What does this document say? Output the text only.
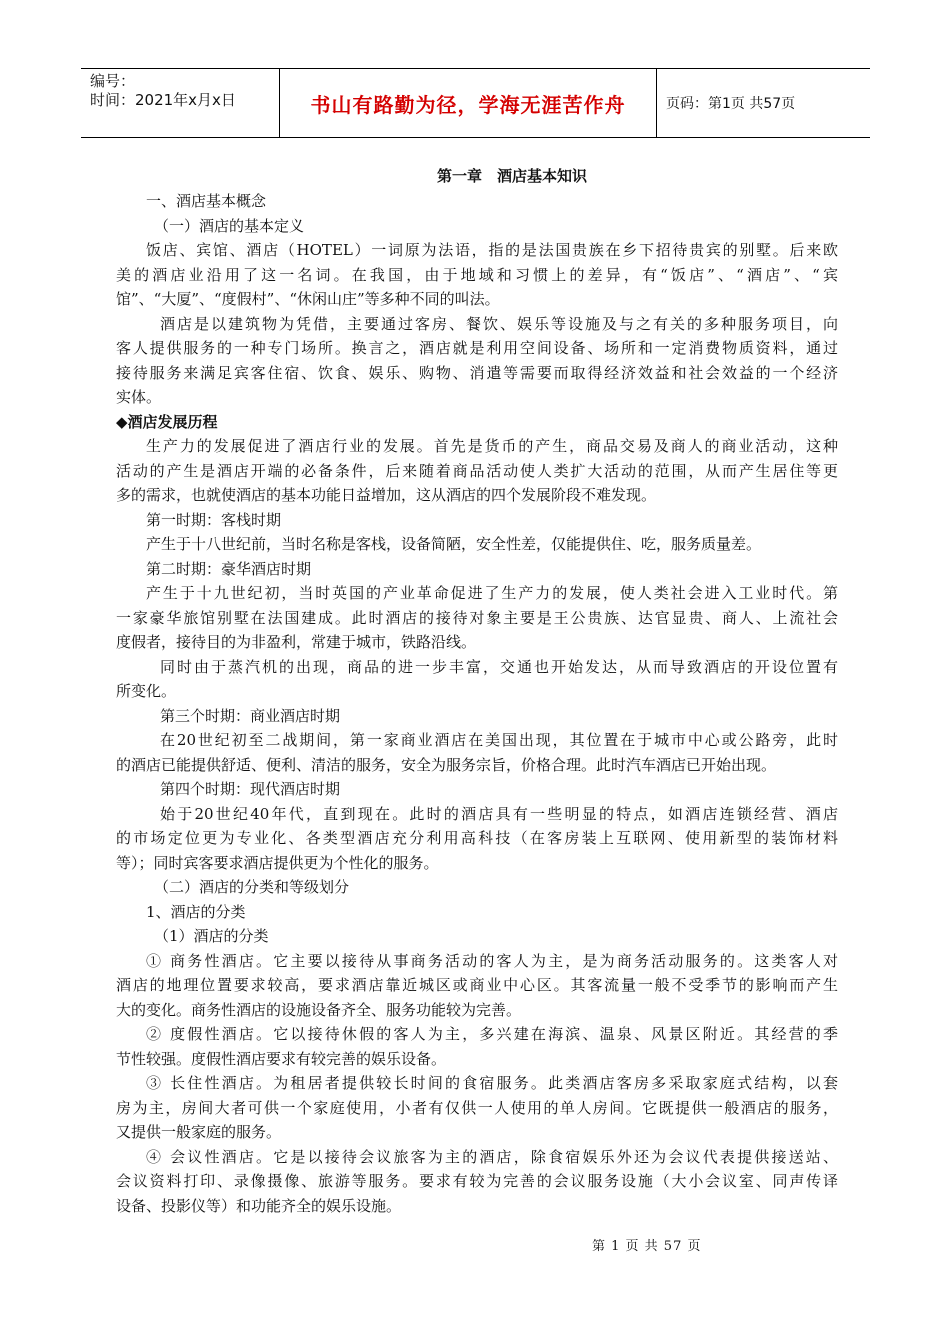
编号：
时间：2021年x月x日	书山有路勤为径，学海无涯苦作舟	页码：第1页 共57页
第一章　酒店基本知识
一、酒店基本概念
（一）酒店的基本定义
饭店、宾馆、酒店（HOTEL）一词原为法语，指的是法国贵族在乡下招待贵宾的别墅。后来欧
美的酒店业沿用了这一名词。在我国，由于地域和习惯上的差异，有“饭店”、“酒店”、“宾
馆”、“大厦”、“度假村”、“休闲山庄”等多种不同的叫法。
酒店是以建筑物为凭借，主要通过客房、餐饮、娱乐等设施及与之有关的多种服务项目，向
客人提供服务的一种专门场所。换言之，酒店就是利用空间设备、场所和一定消费物质资料，通过
接待服务来满足宾客住宿、饮食、娱乐、购物、消遣等需要而取得经济效益和社会效益的一个经济
实体。
◆酒店发展历程
生产力的发展促进了酒店行业的发展。首先是货币的产生，商品交易及商人的商业活动，这种
活动的产生是酒店开端的必备条件，后来随着商品活动使人类扩大活动的范围，从而产生居住等更
多的需求，也就使酒店的基本功能日益增加，这从酒店的四个发展阶段不难发现。
第一时期：客栈时期
产生于十八世纪前，当时名称是客栈，设备简陋，安全性差，仅能提供住、吃，服务质量差。
第二时期：豪华酒店时期
产生于十九世纪初，当时英国的产业革命促进了生产力的发展，使人类社会进入工业时代。第
一家豪华旅馆别墅在法国建成。此时酒店的接待对象主要是王公贵族、达官显贵、商人、上流社会
度假者，接待目的为非盈利，常建于城市，铁路沿线。
同时由于蒸汽机的出现，商品的进一步丰富，交通也开始发达，从而导致酒店的开设位置有
所变化。
第三个时期：商业酒店时期
在20世纪初至二战期间，第一家商业酒店在美国出现，其位置在于城市中心或公路旁，此时
的酒店已能提供舒适、便利、清洁的服务，安全为服务宗旨，价格合理。此时汽车酒店已开始出现。
第四个时期：现代酒店时期
始于20世纪40年代，直到现在。此时的酒店具有一些明显的特点，如酒店连锁经营、酒店
的市场定位更为专业化、各类型酒店充分利用高科技（在客房装上互联网、使用新型的装饰材料
等）；同时宾客要求酒店提供更为个性化的服务。
（二）酒店的分类和等级划分
1、酒店的分类
（1）酒店的分类
① 商务性酒店。它主要以接待从事商务活动的客人为主，是为商务活动服务的。这类客人对
酒店的地理位置要求较高，要求酒店靠近城区或商业中心区。其客流量一般不受季节的影响而产生
大的变化。商务性酒店的设施设备齐全、服务功能较为完善。
② 度假性酒店。它以接待休假的客人为主，多兴建在海滨、温泉、风景区附近。其经营的季
节性较强。度假性酒店要求有较完善的娱乐设备。
③ 长住性酒店。为租居者提供较长时间的食宿服务。此类酒店客房多采取家庭式结构，以套
房为主，房间大者可供一个家庭使用，小者有仅供一人使用的单人房间。它既提供一般酒店的服务，
又提供一般家庭的服务。
④ 会议性酒店。它是以接待会议旅客为主的酒店，除食宿娱乐外还为会议代表提供接送站、
会议资料打印、录像摄像、旅游等服务。要求有较为完善的会议服务设施（大小会议室、同声传译
设备、投影仪等）和功能齐全的娱乐设施。
第 1 页 共 57 页
